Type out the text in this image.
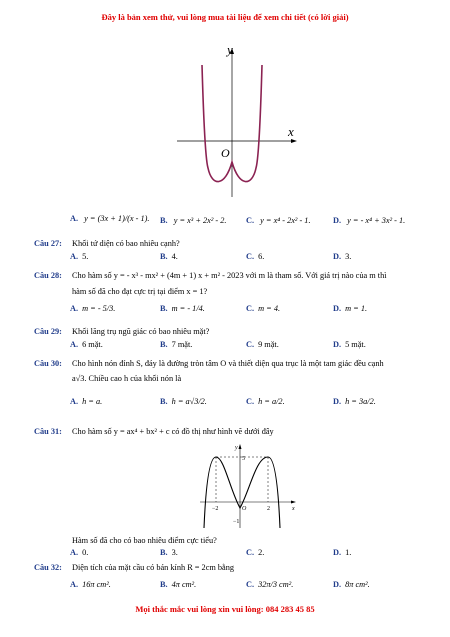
Đây là bản xem thử, vui lòng mua tài liệu để xem chi tiết (có lời giải)
y
x
O
A. y = (3x + 1)/(x - 1). B. y = x³ + 2x² - 2. C. y = x⁴ - 2x² - 1.	D. y = - x⁴ + 3x² - 1.
Câu 27: Khối tứ diện có bao nhiêu cạnh?
A. 5.	B. 4.	C. 6.	D. 3.
Câu 28: Cho hàm số y = - x³ - mx² + (4m + 1) x + m² - 2023 với m là tham số. Với giá trị nào của m thì
hàm số đã cho đạt cực trị tại điểm x = 1?
A. m = - 5/3.	B. m = - 1/4.	C. m = 4.	D. m = 1.
Câu 29: Khối lăng trụ ngũ giác có bao nhiêu mặt?
A. 6 mặt.	B. 7 mặt.	C. 9 mặt.	D. 5 mặt.
Câu 30: Cho hình nón đỉnh S, đáy là đường tròn tâm O và thiết diện qua trục là một tam giác đều cạnh
a√3. Chiều cao h của khối nón là
A. h = a.	B. h = a√3/2.	C. h = a/2.	D. h = 3a/2.
Câu 31: Cho hàm số y = ax⁴ + bx² + c có đồ thị như hình vẽ dưới đây
y
x
O
5
−2	2
−1
Hàm số đã cho có bao nhiêu điểm cực tiểu?
A. 0.	B. 3.	C. 2.	D. 1.
Câu 32: Diện tích của mặt cầu có bán kính R = 2cm bằng
A. 16π cm².	B. 4π cm².	C. 32π/3 cm².	D. 8π cm².
Mọi thắc mắc vui lòng xin vui lòng: 084 283 45 85
